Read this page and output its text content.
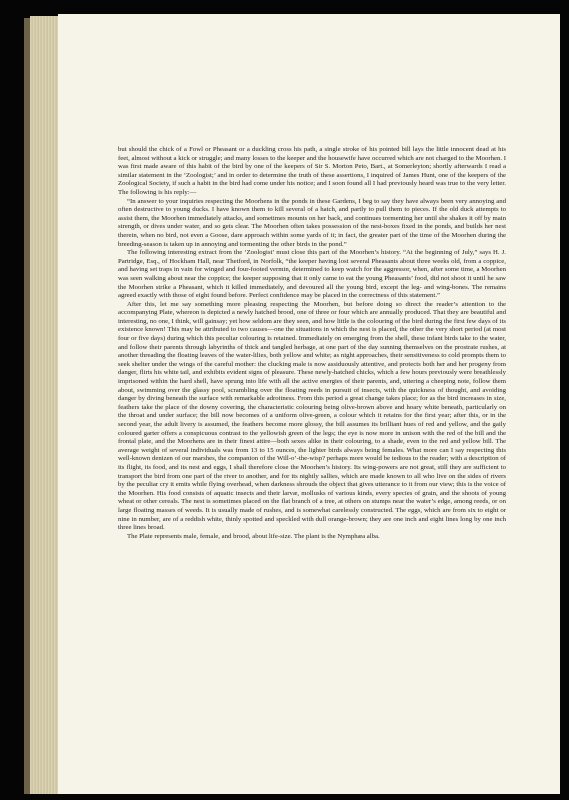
but should the chick of a Fowl or Pheasant or a duckling cross his path, a single stroke of his pointed bill lays the little innocent dead at his feet, almost without a kick or struggle; and many losses to the keeper and the housewife have occurred which are not charged to the Moorhen. I was first made aware of this habit of the bird by one of the keepers of Sir S. Morton Peto, Bart., at Somerleyton; shortly afterwards I read a similar statement in the ‘Zoologist;’ and in order to determine the truth of these assertions, I inquired of James Hunt, one of the keepers of the Zoological Society, if such a habit in the bird had come under his notice; and I soon found all I had previously heard was true to the very letter. The following is his reply:—

“In answer to your inquiries respecting the Moorhens in the ponds in these Gardens, I beg to say they have always been very annoying and often destructive to young ducks. I have known them to kill several of a hatch, and partly to pull them to pieces. If the old duck attempts to assist them, the Moorhen immediately attacks, and sometimes mounts on her back, and continues tormenting her until she shakes it off by main strength, or dives under water, and so gets clear. The Moorhen often takes possession of the nest-boxes fixed in the ponds, and builds her nest therein, when no bird, not even a Goose, dare approach within some yards of it; in fact, the greater part of the time of the Moorhen during the breeding-season is taken up in annoying and tormenting the other birds in the pond.”

The following interesting extract from the ‘Zoologist’ must close this part of the Moorhen’s history. “At the beginning of July,” says H. J. Partridge, Esq., of Hockham Hall, near Thetford, in Norfolk, “the keeper having lost several Pheasants about three weeks old, from a coppice, and having set traps in vain for winged and four-footed vermin, determined to keep watch for the aggressor, when, after some time, a Moorhen was seen walking about near the coppice; the keeper supposing that it only came to eat the young Pheasants’ food, did not shoot it until he saw the Moorhen strike a Pheasant, which it killed immediately, and devoured all the young bird, except the leg- and wing-bones. The remains agreed exactly with those of eight found before. Perfect confidence may be placed in the correctness of this statement.”

After this, let me say something more pleasing respecting the Moorhen, but before doing so direct the reader’s attention to the accompanying Plate, whereon is depicted a newly hatched brood, one of three or four which are annually produced. That they are beautiful and interesting, no one, I think, will gainsay; yet how seldom are they seen, and how little is the colouring of the bird during the first few days of its existence known! This may be attributed to two causes—one the situations in which the nest is placed, the other the very short period (at most four or five days) during which this peculiar colouring is retained. Immediately on emerging from the shell, these infant birds take to the water, and follow their parents through labyrinths of thick and tangled herbage, at one part of the day sunning themselves on the prostrate rushes, at another threading the floating leaves of the water-lilies, both yellow and white; as night approaches, their sensitiveness to cold prompts them to seek shelter under the wings of the careful mother: the clucking male is now assiduously attentive, and protects both her and her progeny from danger, flirts his white tail, and exhibits evident signs of pleasure. These newly-hatched chicks, which a few hours previously were breathlessly imprisoned within the hard shell, have sprung into life with all the active energies of their parents, and, uttering a cheeping note, follow them about, swimming over the glassy pool, scrambling over the floating reeds in pursuit of insects, with the quickness of thought, and avoiding danger by diving beneath the surface with remarkable adroitness. From this period a great change takes place; for as the bird increases in size, feathers take the place of the downy covering, the characteristic colouring being olive-brown above and hoary white beneath, particularly on the throat and under surface; the bill now becomes of a uniform olive-green, a colour which it retains for the first year; after this, or in the second year, the adult livery is assumed, the feathers become more glossy, the bill assumes its brilliant hues of red and yellow, and the gaily coloured garter offers a conspicuous contrast to the yellowish green of the legs; the eye is now more in unison with the red of the bill and the frontal plate, and the Moorhens are in their finest attire—both sexes alike in their colouring, to a shade, even to the red and yellow bill. The average weight of several individuals was from 13 to 15 ounces, the lighter birds always being females. What more can I say respecting this well-known denizen of our marshes, the companion of the Will-o’-the-wisp? perhaps more would be tedious to the reader; with a description of its flight, its food, and its nest and eggs, I shall therefore close the Moorhen’s history. Its wing-powers are not great, still they are sufficient to transport the bird from one part of the river to another, and for its nightly sallies, which are made known to all who live on the sides of rivers by the peculiar cry it emits while flying overhead, when darkness shrouds the object that gives utterance to it from our view; this is the voice of the Moorhen. His food consists of aquatic insects and their larvæ, mollusks of various kinds, every species of grain, and the shoots of young wheat or other cereals. The nest is sometimes placed on the flat branch of a tree, at others on stumps near the water’s edge, among reeds, or on large floating masses of weeds. It is usually made of rushes, and is somewhat carelessly constructed. The eggs, which are from six to eight or nine in number, are of a reddish white, thinly spotted and speckled with dull orange-brown; they are one inch and eight lines long by one inch three lines broad.

The Plate represents male, female, and brood, about life-size. The plant is the Nymphæa alba.
